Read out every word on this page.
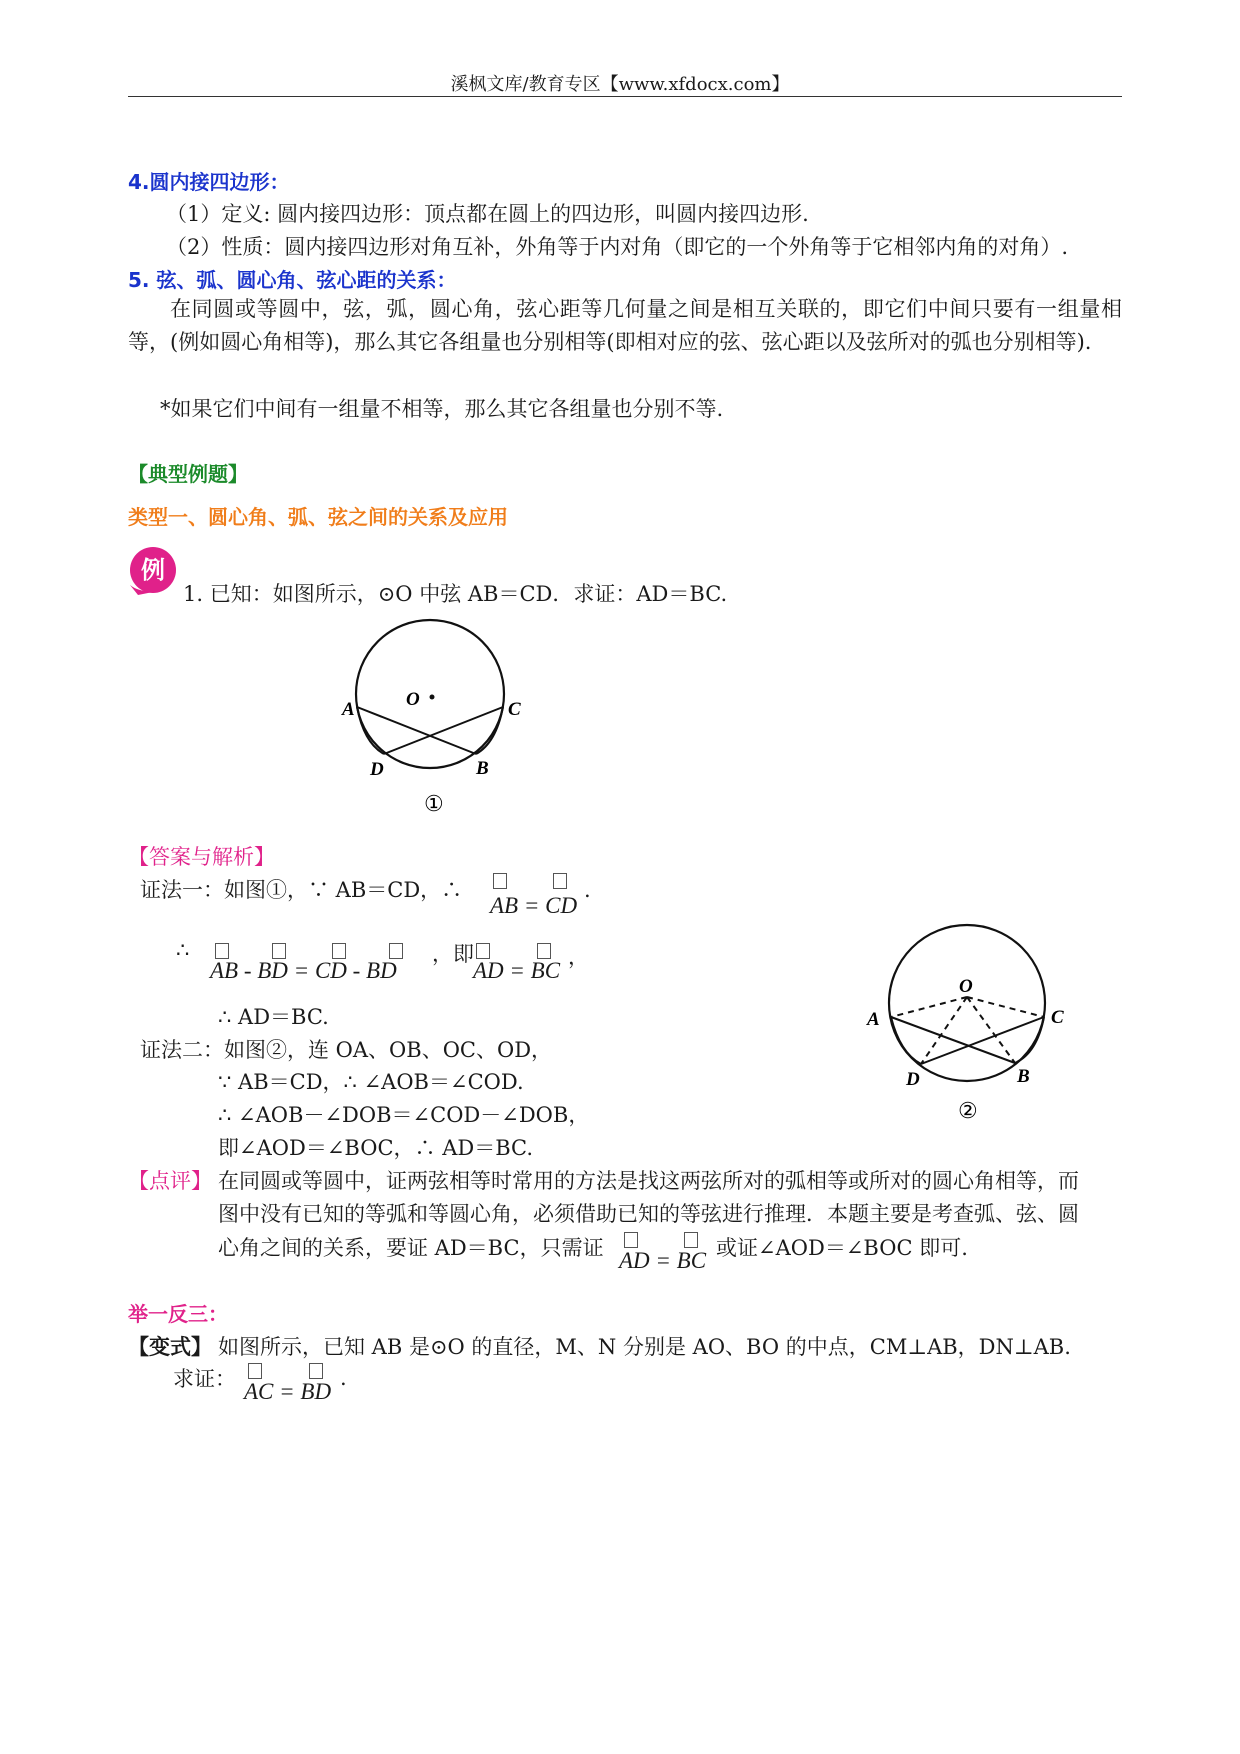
溪枫文库/教育专区【www.xfdocx.com】
4.圆内接四边形：
（1）定义: 圆内接四边形：顶点都在圆上的四边形，叫圆内接四边形.
（2）性质：圆内接四边形对角互补，外角等于内对角（即它的一个外角等于它相邻内角的对角）.
5. 弦、弧、圆心角、弦心距的关系：
在同圆或等圆中，弦，弧，圆心角，弦心距等几何量之间是相互关联的，即它们中间只要有一组量相等，(例如圆心角相等)，那么其它各组量也分别相等(即相对应的弦、弦心距以及弦所对的弧也分别相等).
*如果它们中间有一组量不相等，那么其它各组量也分别不等.
【典型例题】
类型一、圆心角、弧、弦之间的关系及应用
例
1. 已知：如图所示，⊙O 中弦 AB＝CD．求证：AD＝BC.
O
A	C
D	B
①
【答案与解析】
证法一：如图①，∵ AB＝CD，∴
AB = CD
.
∴
AB - BD = CD - BD
，即
AD = BC
，
∴ AD＝BC.
证法二：如图②，连 OA、OB、OC、OD，
∵ AB＝CD，∴ ∠AOB＝∠COD.
∴ ∠AOB－∠DOB＝∠COD－∠DOB，
即∠AOD＝∠BOC，∴ AD＝BC.
O
A	C
D	B
②
【点评】 在同圆或等圆中，证两弦相等时常用的方法是找这两弦所对的弧相等或所对的圆心角相等，而
图中没有已知的等弧和等圆心角，必须借助已知的等弦进行推理．本题主要是考查弧、弦、圆
心角之间的关系，要证 AD＝BC，只需证 AD = BC 或证∠AOD＝∠BOC 即可.
举一反三：
【变式】 如图所示，已知 AB 是⊙O 的直径，M、N 分别是 AO、BO 的中点，CM⊥AB，DN⊥AB.
求证： AC = BD
.
